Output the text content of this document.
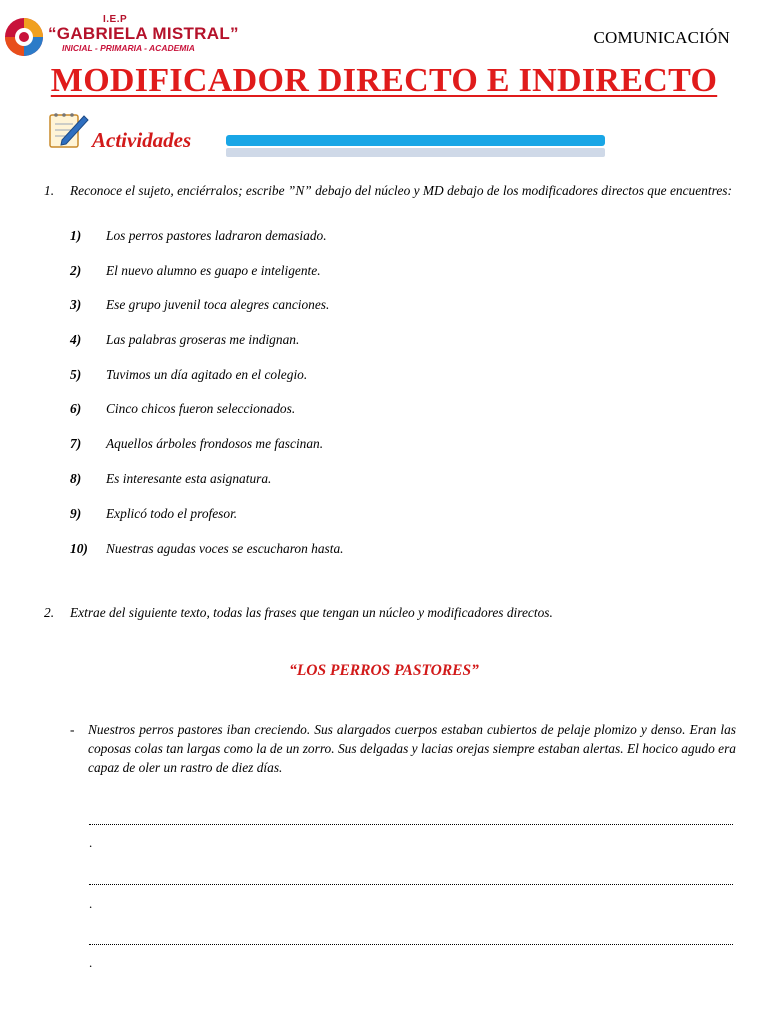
I.E.P
“GABRIELA MISTRAL”
INICIAL - PRIMARIA - ACADEMIA
COMUNICACIÓN
MODIFICADOR DIRECTO E INDIRECTO
Actividades
1. Reconoce el sujeto, enciérralos; escribe ”N” debajo del núcleo y MD debajo de los modificadores directos que encuentres:
1) Los perros pastores ladraron demasiado.
2) El nuevo alumno es guapo e inteligente.
3) Ese grupo juvenil toca alegres canciones.
4) Las palabras groseras me indignan.
5) Tuvimos un día agitado en el colegio.
6) Cinco chicos fueron seleccionados.
7) Aquellos árboles frondosos me fascinan.
8) Es interesante esta asignatura.
9) Explicó todo el profesor.
10) Nuestras agudas voces se escucharon hasta.
2. Extrae del siguiente texto, todas las frases que tengan un núcleo y modificadores directos.
“LOS PERROS PASTORES”
- Nuestros perros pastores iban creciendo. Sus alargados cuerpos estaban cubiertos de pelaje plomizo y denso. Eran las coposas colas tan largas como la de un zorro. Sus delgadas y lacias orejas siempre estaban alertas. El hocico agudo era capaz de oler un rastro de diez días.
.
.
.
